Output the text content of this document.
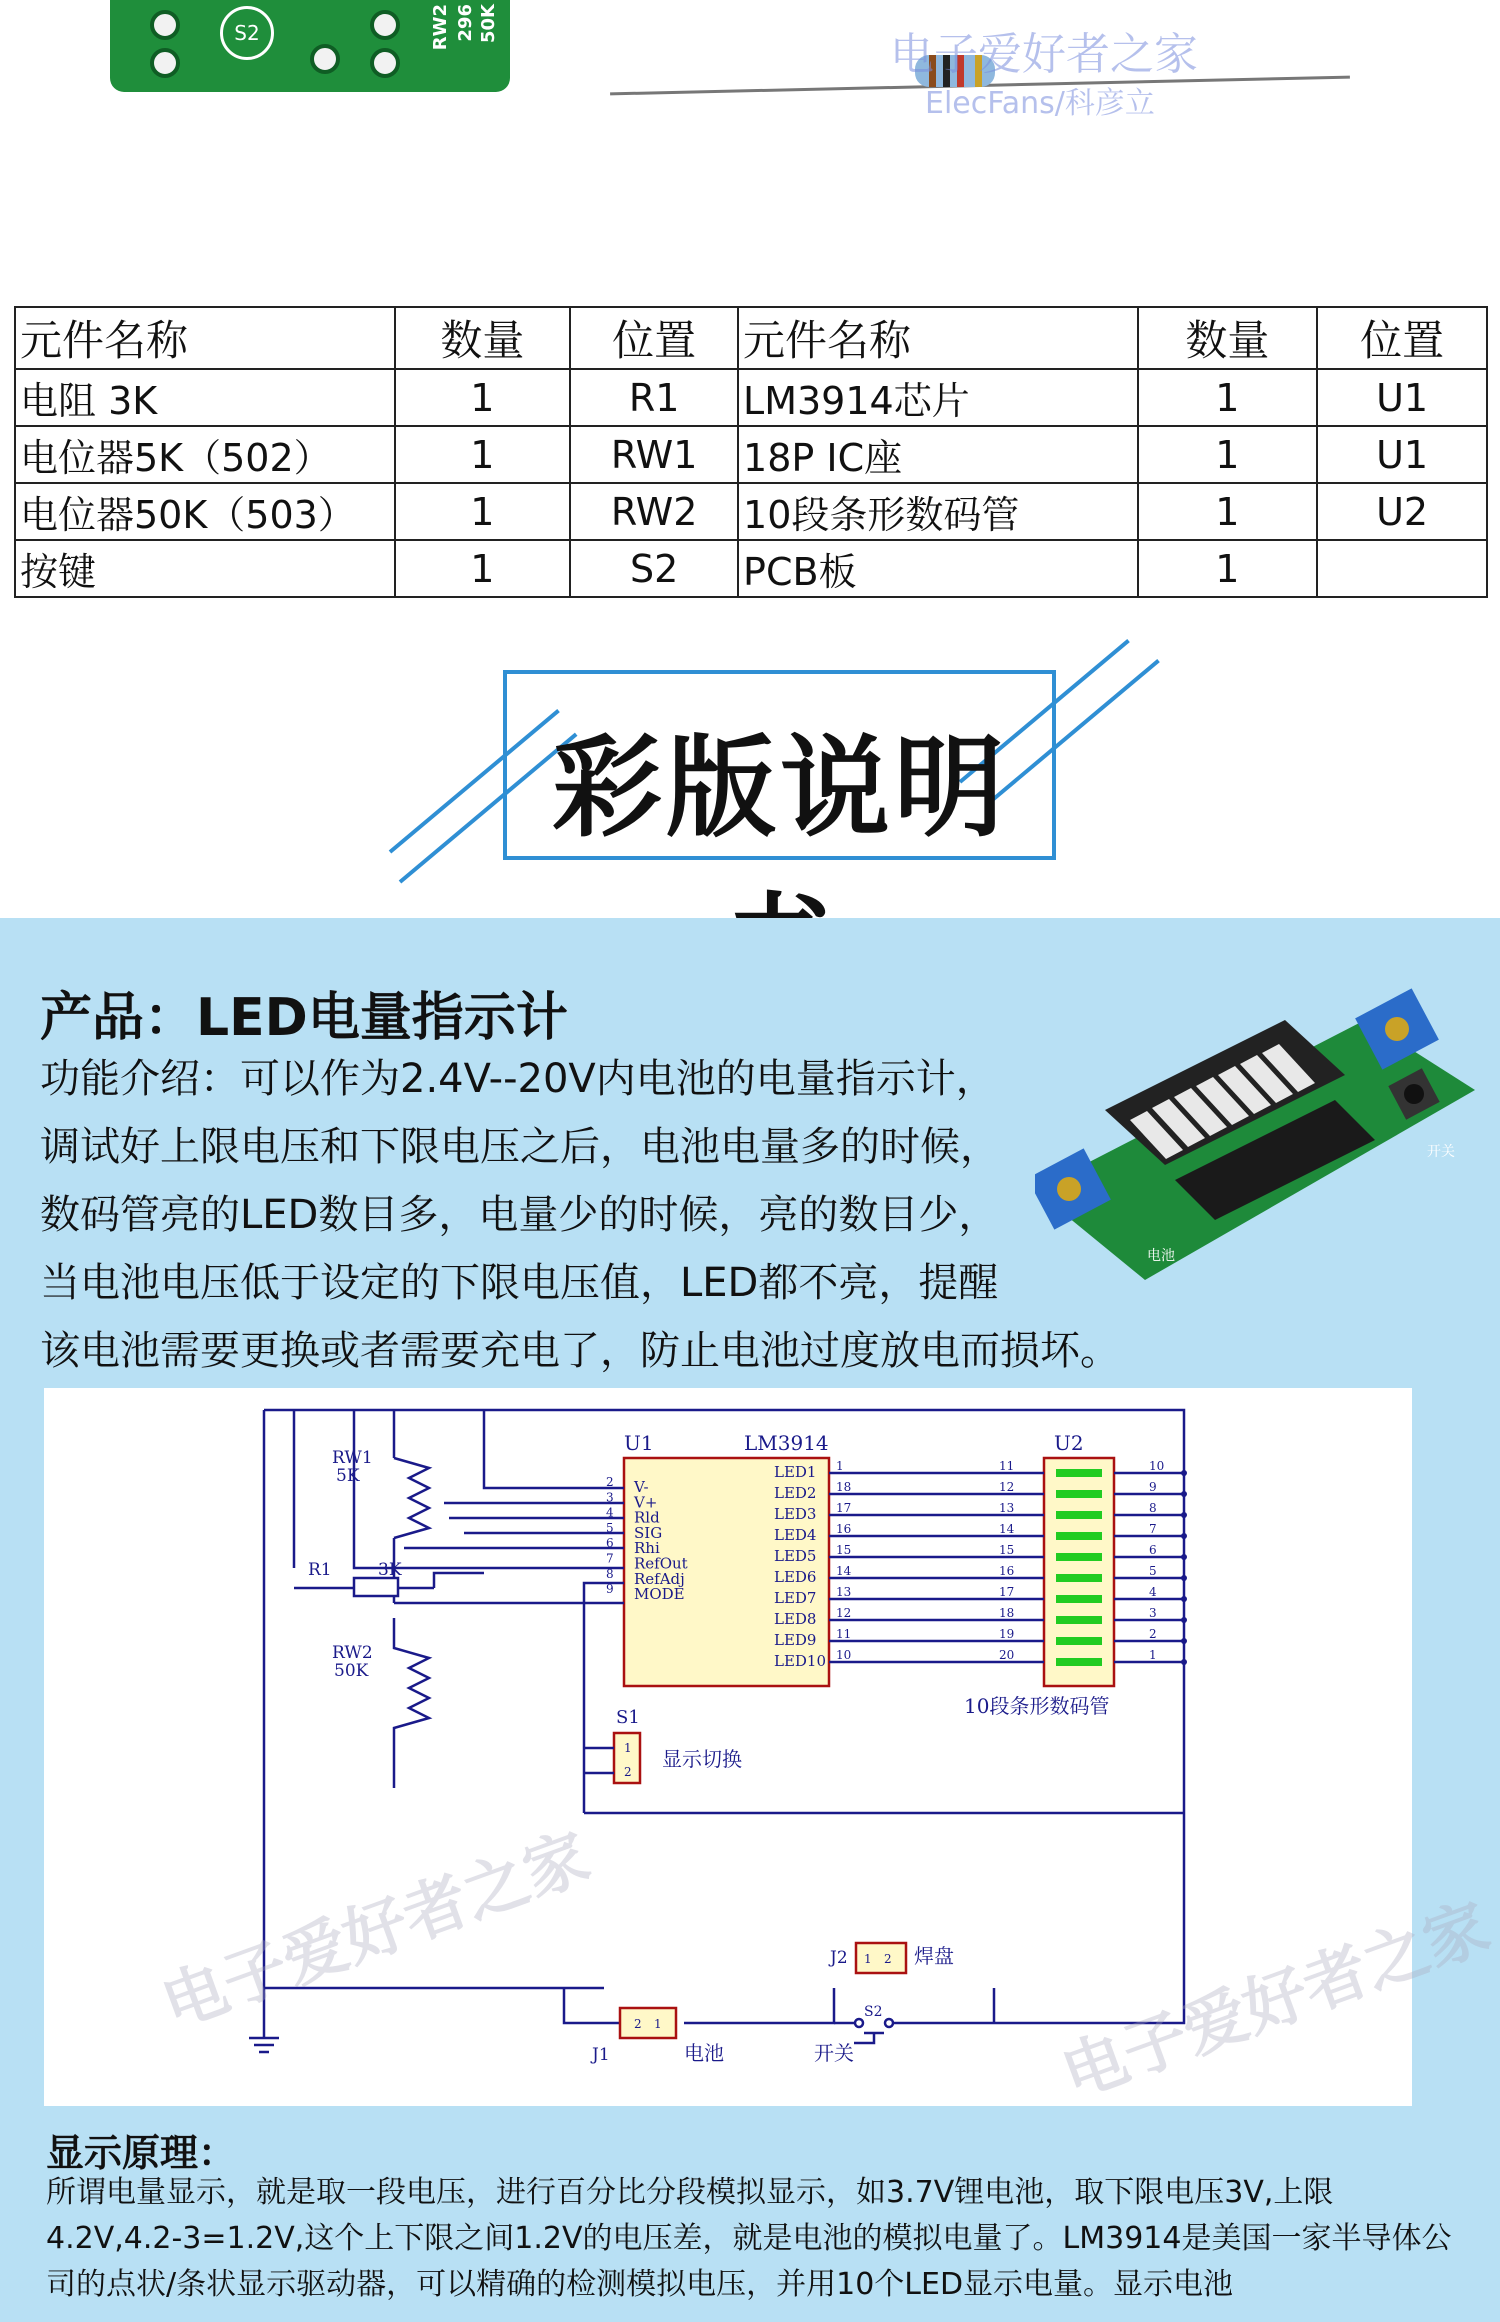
S2	RW2 296 50K
电子爱好者之家
ElecFans/科彦立
元件名称	数量	位置	元件名称	数量	位置
电阻 3K	1	R1	LM3914芯片	1	U1
电位器5K（502）	1	RW1	18P IC座	1	U1
电位器50K（503）	1	RW2	10段条形数码管	1	U2
按键	1	S2	PCB板	1	
彩版说明
产品：LED电量指示计
功能介绍：可以作为2.4V--20V内电池的电量指示计，
调试好上限电压和下限电压之后，电池电量多的时候，
数码管亮的LED数目多，电量少的时候，亮的数目少，
当电池电压低于设定的下限电压值，LED都不亮，提醒
该电池需要更换或者需要充电了，防止电池过度放电而损坏。
开关
电池
LED1 1	11	10
LED2 18	12	9
LED3 17	13	8
LED4 16	14	7
LED5 15	15	6
LED6 14	16	5
LED7 13	17	4
LED8 12	18	3
LED9 11	19	2
LED10 10	20	1
RW1
5K
R1	3K
RW2
50K
U1	LM3914	U2
10段条形数码管
S1
显示切换
1
2
J2	焊盘
1 2
J1	电池
2 1
S2
开关
2 V-
3 V+
4 Rld
5 SIG
6 Rhi
7 RefOut
8 RefAdj
9 MODE
电子爱好者之家	电子爱好者之家
显示原理：
所谓电量显示，就是取一段电压，进行百分比分段模拟显示，如3.7V锂电池，取下限电压3V,上限4.2V,4.2-3=1.2V,这个上下限之间1.2V的电压差，就是电池的模拟电量了。LM3914是美国一家半导体公司的点状/条状显示驱动器，可以精确的检测模拟电压，并用10个LED显示电量。显示电池
